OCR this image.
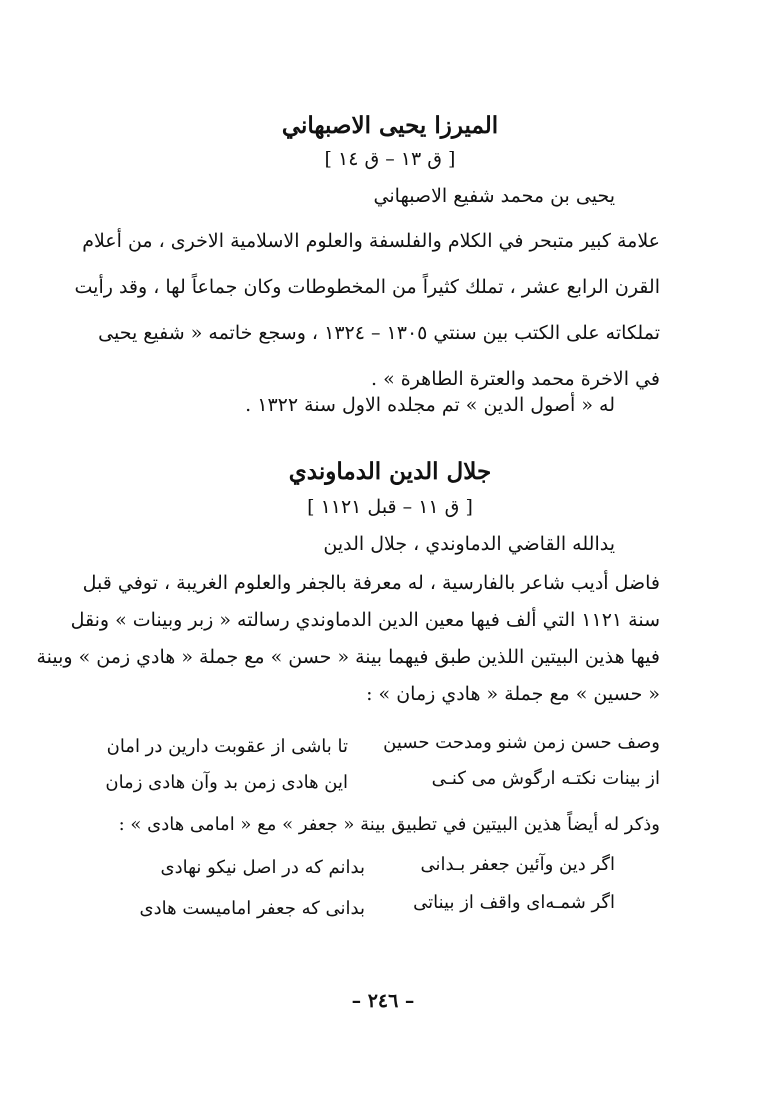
الميرزا يحيى الاصبهاني
[ ق ١٣ – ق ١٤ ]
يحيى بن محمد شفيع الاصبهاني
علامة كبير متبحر في الكلام والفلسفة والعلوم الاسلامية الاخرى ، من أعلام
القرن الرابع عشر ، تملك كثيراً من المخطوطات وكان جماعاً لها ، وقد رأيت
تملكاته على الكتب بين سنتي ١٣٠٥ – ١٣٢٤ ، وسجع خاتمه « شفيع يحيى
في الاخرة محمد والعترة الطاهرة » .
له « أصول الدين » تم مجلده الاول سنة ١٣٢٢ .
جلال الدين الدماوندي
[ ق ١١ – قبل ١١٢١ ]
يدالله القاضي الدماوندي ، جلال الدين
فاضل أديب شاعر بالفارسية ، له معرفة بالجفر والعلوم الغريبة ، توفي قبل
سنة ١١٢١ التي ألف فيها معين الدين الدماوندي رسالته « زبر وبينات » ونقل
فيها هذين البيتين اللذين طبق فيهما بينة « حسن » مع جملة « هادي زمن » وبينة
« حسين » مع جملة « هادي زمان » :
وصف حسن زمن شنو ومدحت حسين
تا باشى از عقوبت دارين در امان
از بينات نكتـه ارگوش مى كنـى
اين هادى زمن بد وآن هادى زمان
وذكر له أيضاً هذين البيتين في تطبيق بينة « جعفر » مع « امامى هادى » :
اگر دين وآئين جعفر بـدانى
بدانم كه در اصل نيكو نهادى
اگر شمـه‌اى واقف از بيناتى
بدانى كه جعفر اماميست هادى
– ٢٤٦ –
